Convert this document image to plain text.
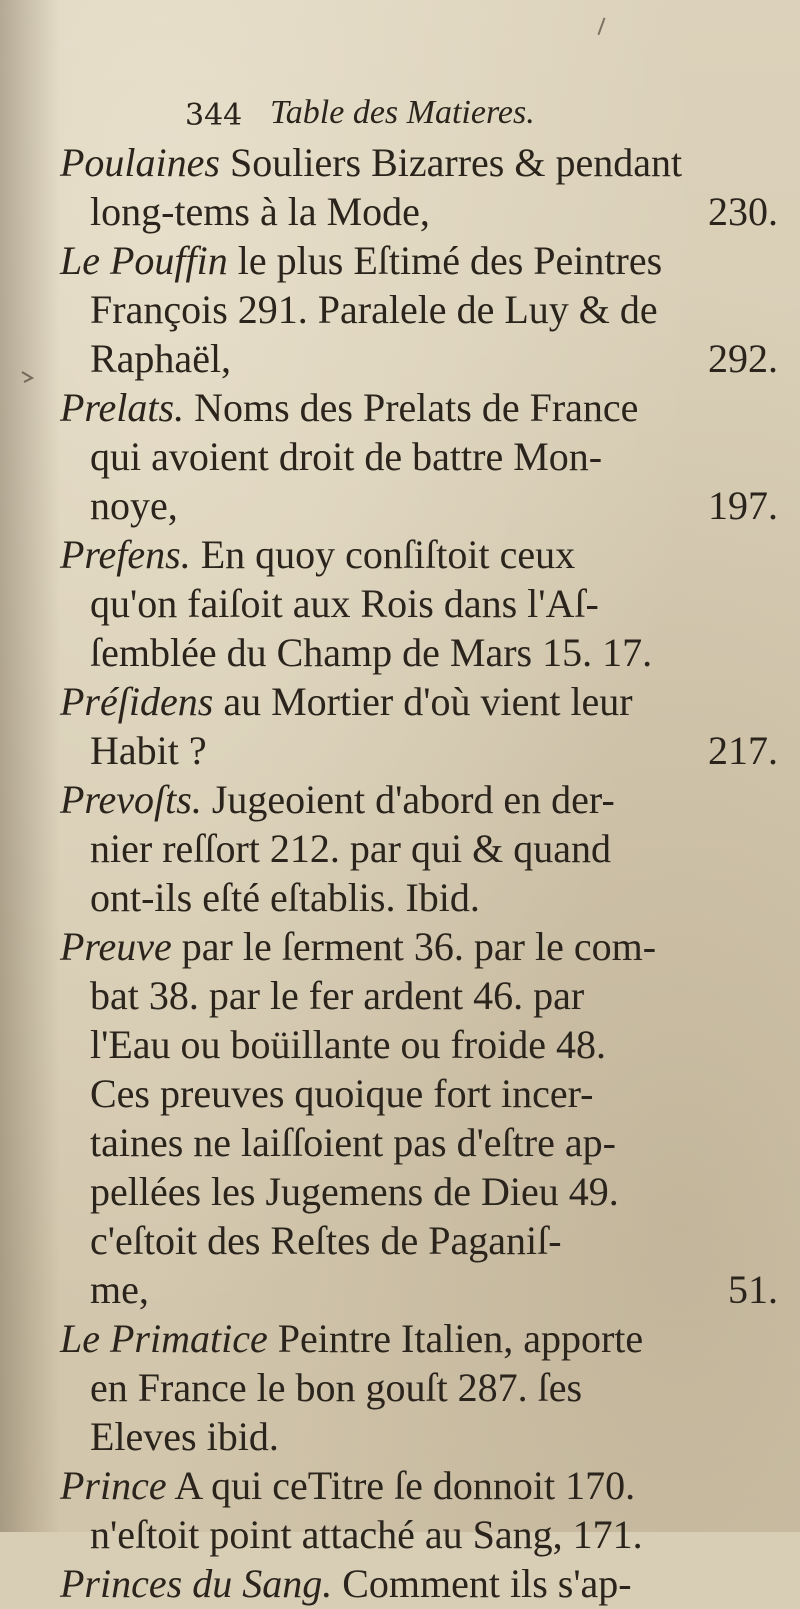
344 Table des Matieres.
Poulaines Souliers Bizarres & pendant
long-tems à la Mode,	230.
Le Pouffin le plus Eſtimé des Peintres
François 291. Paralele de Luy & de
Raphaël,	292.
Prelats. Noms des Prelats de France
qui avoient droit de battre Mon-
noye,	197.
Prefens. En quoy conſiſtoit ceux
qu'on faiſoit aux Rois dans l'Aſ-
ſemblée du Champ de Mars 15. 17.
Préſidens au Mortier d'où vient leur
Habit ?	217.
Prevoſts. Jugeoient d'abord en der-
nier reſſort 212. par qui & quand
ont-ils eſté eſtablis. Ibid.
Preuve par le ſerment 36. par le com-
bat 38. par le fer ardent 46. par
l'Eau ou boüillante ou froide 48.
Ces preuves quoique fort incer-
taines ne laiſſoient pas d'eſtre ap-
pellées les Jugemens de Dieu 49.
c'eſtoit des Reſtes de Paganiſ-
me,	51.
Le Primatice Peintre Italien, apporte
en France le bon gouſt 287. ſes
Eleves ibid.
Prince A qui ceTitre ſe donnoit 170.
n'eſtoit point attaché au Sang, 171.
Princes du Sang. Comment ils s'ap-
